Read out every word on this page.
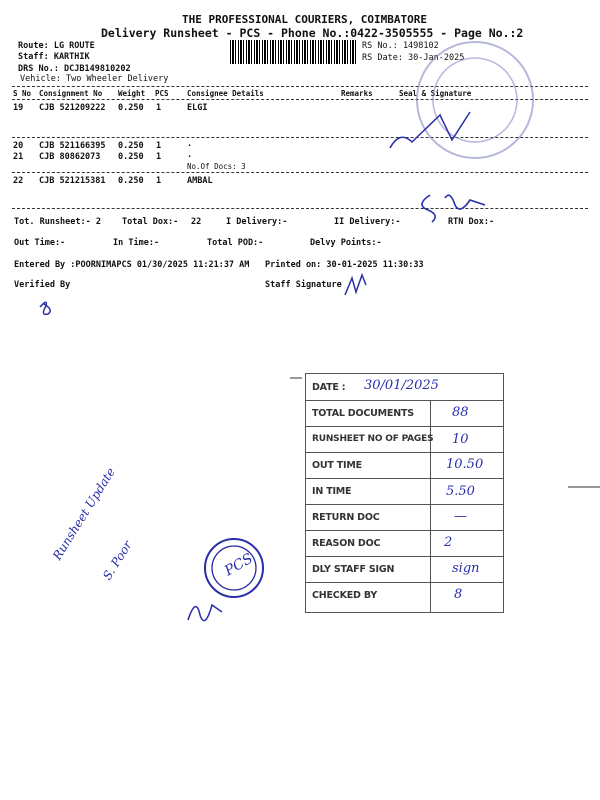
THE PROFESSIONAL COURIERS, COIMBATORE
Delivery Runsheet - PCS - Phone No.:0422-3505555 - Page No.:2
Route: LG ROUTE
Staff: KARTHIK
DRS No.: DCJB149810202
Vehicle: Two Wheeler Delivery
RS No.: 1498102
RS Date: 30-Jan-2025
S No Consignment No Weight PCS Consignee Details	Remarks	Seal & Signature
19 CJB 521209222 0.250 1	ELGI
20 CJB 521166395 0.250 1	.
21 CJB 80862073 0.250 1	.
No.Of Docs: 3
22 CJB 521215381 0.250 1	AMBAL
Tot. Runsheet:- 2 Total Dox:- 22	I Delivery:-	II Delivery:-	RTN Dox:-
Out Time:-	In Time:-	Total POD:-	Delvy Points:-
Entered By :POORNIMAPCS 01/30/2025 11:21:37 AM Printed on: 30-01-2025 11:30:33
Verified By	Staff Signature
PCS
Runsheet Update
S. Poor
DATE : 30/01/2025
TOTAL DOCUMENTS	88
RUNSHEET NO OF PAGES 10
OUT TIME	10.50
IN TIME	5.50
RETURN DOC	—
REASON DOC	2
DLY STAFF SIGN	sign
CHECKED BY	8
